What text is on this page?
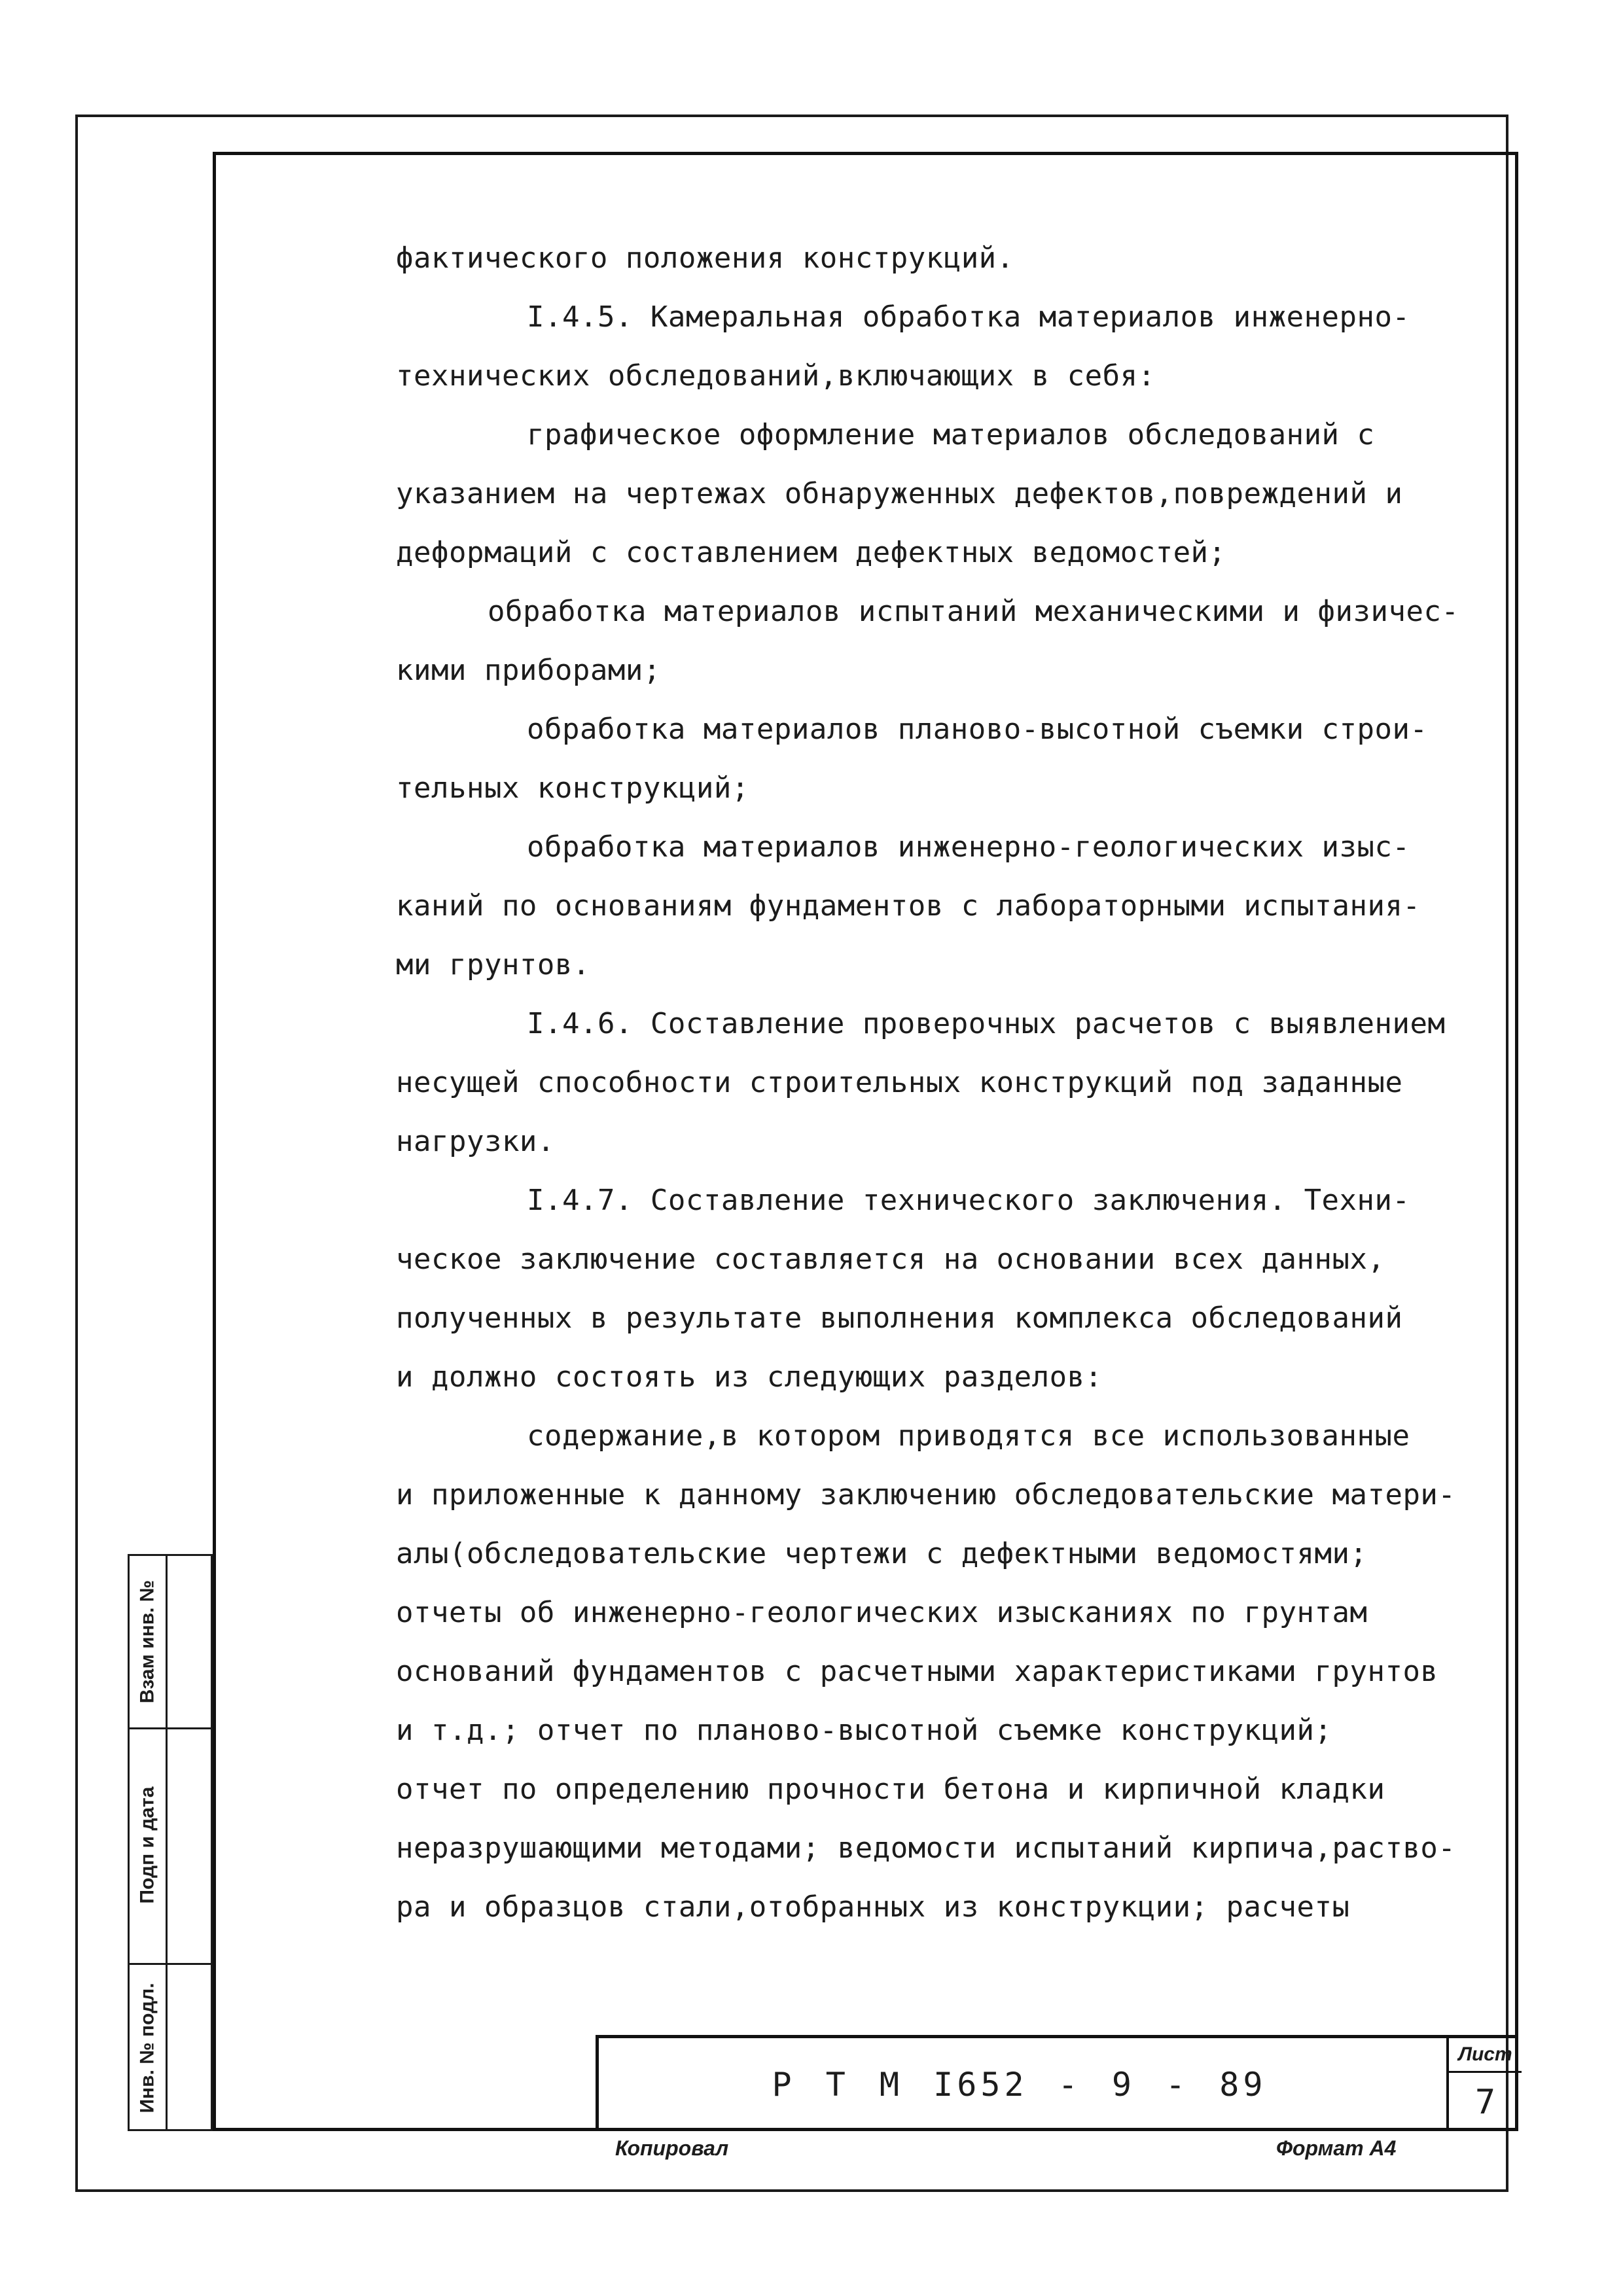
фактического положения конструкций.
I.4.5. Камеральная обработка материалов инженерно-
технических обследований,включающих в себя:
графическое оформление материалов обследований с
указанием на чертежах обнаруженных дефектов,повреждений и
деформаций с составлением дефектных ведомостей;
обработка материалов испытаний механическими и физичес-
кими приборами;
обработка материалов планово-высотной съемки строи-
тельных конструкций;
обработка материалов инженерно-геологических изыс-
каний по основаниям фундаментов с лабораторными испытания-
ми грунтов.
I.4.6. Составление проверочных расчетов с выявлением
несущей способности строительных конструкций под заданные
нагрузки.
I.4.7. Составление технического заключения. Техни-
ческое заключение составляется на основании всех данных,
полученных в результате выполнения комплекса обследований
и должно состоять из следующих разделов:
содержание,в котором приводятся все использованные
и приложенные к данному заключению обследовательские матери-
алы(обследовательские чертежи с дефектными ведомостями;
отчеты об инженерно-геологических изысканиях по грунтам
оснований фундаментов с расчетными характеристиками грунтов
и т.д.; отчет по планово-высотной съемке конструкций;
отчет по определению прочности бетона и кирпичной кладки
неразрушающими методами; ведомости испытаний кирпича,раство-
ра и образцов стали,отобранных из конструкции; расчеты
Взам инв. №
Подп и дата
Инв. № подл.	Р Т М I652 - 9 - 89
Лист
7
Копировал	Формат А4
